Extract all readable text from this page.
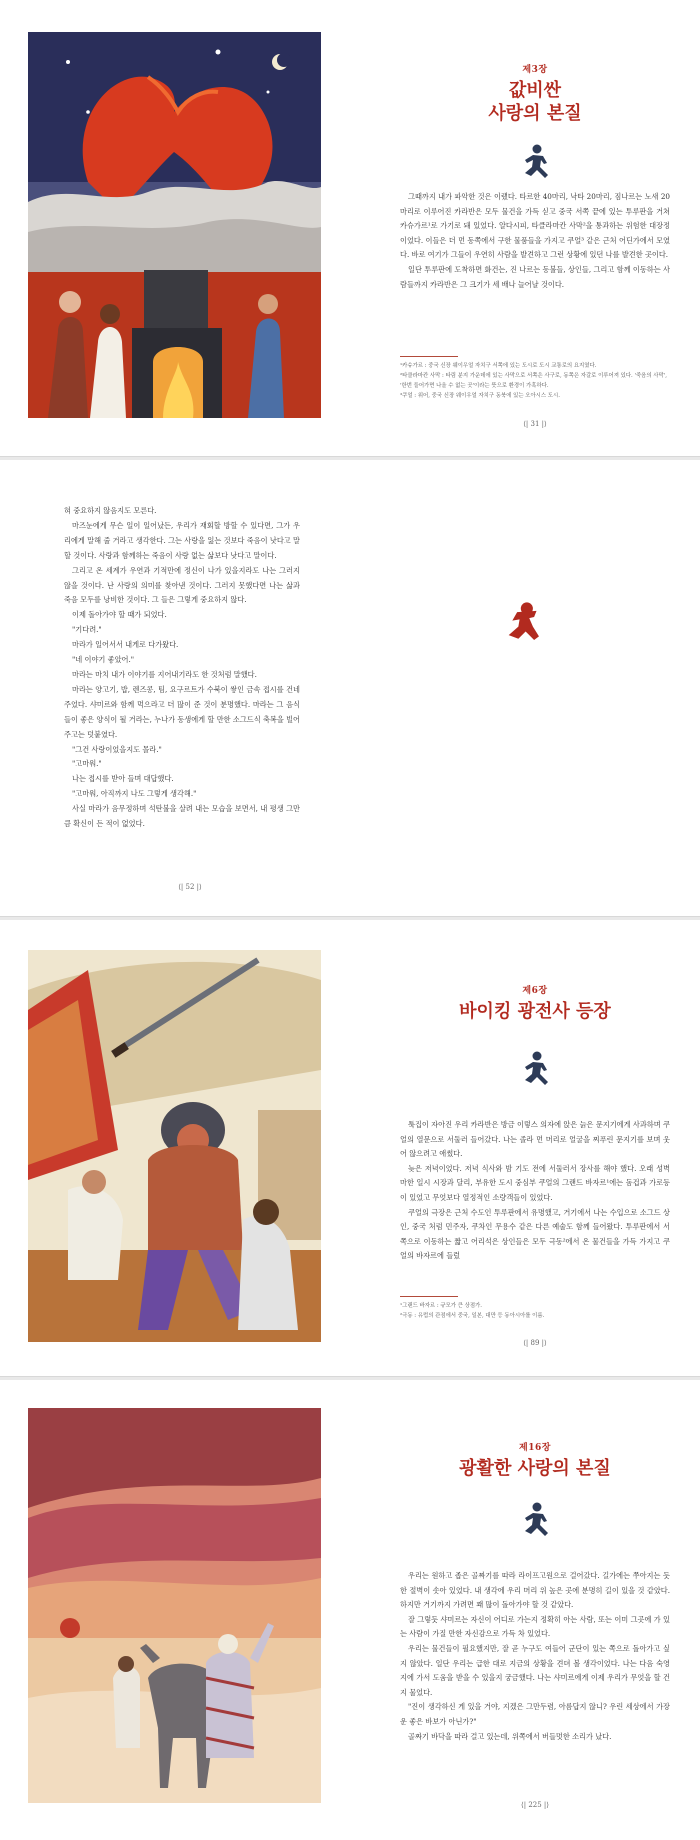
제3장
값비싼
사랑의 본질

그때까지 내가 파악한 것은 이랬다. 타르한 40마리, 낙타 20마리, 짐나르는 노새 20마리로 이루어진 카라반은 모두 물건을 가득 싣고 중국 서쪽 끝에 있는 투루판을 거쳐 카슈가르¹로 가기로 돼 있었다. 알다시피, 타클라마칸 사막²을 통과하는 위험한 대장정이었다. 이들은 더 먼 동쪽에서 구한 물품들을 가지고 쿠얼³ 같은 근처 어딘가에서 모였다. 바로 여기가 그들이 우연히 사람을 발견하고 그런 상황에 있던 나를 발견한 곳이다.

일단 투루판에 도착하면 화건는, 진 나르는 동불들, 상인들, 그리고 함께 이동하는 사람들까지 카라반은 그 크기가 세 배나 늘어날 것이다.

¹카슈가르 : 중국 신장 웨이우얼 자치구 서쪽에 있는 도시로 도시 교통로의 요지였다.
²타클라마칸 사막 : 타림 분지 가운데에 있는 사막으로 서쪽은 사구로, 동쪽은 자갈로 이루어져 있다. '죽음의 사막', '한번 들어가면 나올 수 없는 곳'이라는 뜻으로 환경이 가혹하다.
³쿠얼 : 위어, 중국 신장 웨이우얼 자치구 동북에 있는 오아시스 도시.
⟨| 31 |⟩

혀 중요하지 않음지도 모른다.

마즈눈에게 무슨 일이 일어났든, 우리가 재회할 방할 수 있다면, 그가 우리에게 말해 줄 거라고 생각한다. 그는 사랑을 잃는 것보다 죽음이 낫다고 말할 것이다. 사랑과 함께하는 죽음이 사랑 없는 삶보다 낫다고 말이다.

그리고 온 세계가 우연과 기적만에 정신이 나가 있을지라도 나는 그러지 않을 것이다. 난 사랑의 의미를 찾아낸 것이다. 그러지 못했다면 나는 삶과 죽음 모두를 낭비한 것이다. 그 들은 그렇게 중요하지 않다.

이제 돌아가야 할 때가 되었다.

"기다려."

마라가 일어서서 내게로 다가왔다.

"네 이야기 좋았어."

마라는 마치 내가 이야기를 지어내기라도 한 것처럼 말했다.

마라는 양고기, 밥, 렌즈콩, 팀, 요구르트가 수북이 쌓인 금속 접시를 건네주었다. 샤미르와 함께 먹으라고 더 많이 준 것이 분명했다. 마라는 그 음식들이 좋은 양식이 될 거라는, 누나가 동생에게 할 만한 소그드식 축복을 빌어 주고는 덧붙였다.

"그건 사랑이었을지도 몰라."

"고마워."

나는 접시를 받아 들며 대답했다.

"고마워, 아직까지 나도 그렇게 생각해."

사실 마라가 음무정하며 석탄불을 살려 내는 모습을 보면서, 내 평생 그만큼 확신이 든 적이 없었다.

⟨| 52 |⟩
제6장
바이킹 광전사 등장

툭집이 자아진 우리 카라반은 방금 이렇스 의자에 앉은 늙은 문지기에게 사과하며 쿠얼의 열문으로 서둘러 들어갔다. 나는 졸라 먼 머리로 얼굴을 찌푸린 문지기를 보며 웃어 않으려고 애썼다.

늦은 저녁이었다. 저녁 식사와 밤 기도 전에 서둘러서 장사를 해야 했다. 오래 성벽 마한 일시 시장과 달리, 부유한 도시 중심부 쿠얼의 그랜드 바자르¹에는 돔겁과 가로등이 있었고 무엇보다 열정적인 소량객들이 있었다.

쿠얼의 극장은 근처 수도인 투루판에서 유명했고, 거기에서 나는 수입으로 소그드 상인, 중국 처럼 민주자, 쿠차인 무용수 같은 다른 예술도 함께 들어왔다. 투루판에서 서쪽으로 이동하는 짧고 어리석은 상인들은 모두 극동²에서 온 물건들을 가득 가지고 쿠얼의 바자르에 들렀

¹그랜드 바자르 : 규모가 큰 상점가.
²극동 : 유럽의 관점에서 중국, 일본, 대만 등 동아시아를 이름.
⟨| 89 |⟩
제16장
광활한 사랑의 본질

우리는 원하고 좁은 골짜기를 따라 라이프고원으로 걸어갔다. 길가에는 쭈아지는 듯한 절벽이 솟아 있었다. 내 생각에 우리 머리 위 높은 곳에 분명히 길이 있을 것 같았다. 하지만 거기까지 가려면 꽤 많이 돌아가야 할 것 같았다.

잘 그렇듯 샤미르는 자신이 어디로 가는지 정확히 아는 사람, 또는 이미 그곳에 가 있는 사람이 가질 만한 자신감으로 가득 차 있었다.

우리는 물건들이 필요했지만, 잘 곧 누구도 여들어 군단이 있는 쪽으로 돌아가고 싶지 않았다. 일단 우리는 급한 대로 지금의 상황을 견뎌 볼 생각이었다. 나는 다음 숙영지에 가서 도움을 받을 수 있을지 궁금했다. 나는 샤미르에게 이제 우리가 무엇을 할 건지 물었다.

"진이 생각하신 게 있을 거야, 지겠은 그만두렴, 아름답지 않니? 우린 세상에서 가장 운 좋은 바보가 아닌가?"

골짜기 바닥을 따라 걸고 있는데, 위쪽에서 버들멋한 소리가 났다.

⟨| 225 |⟩
